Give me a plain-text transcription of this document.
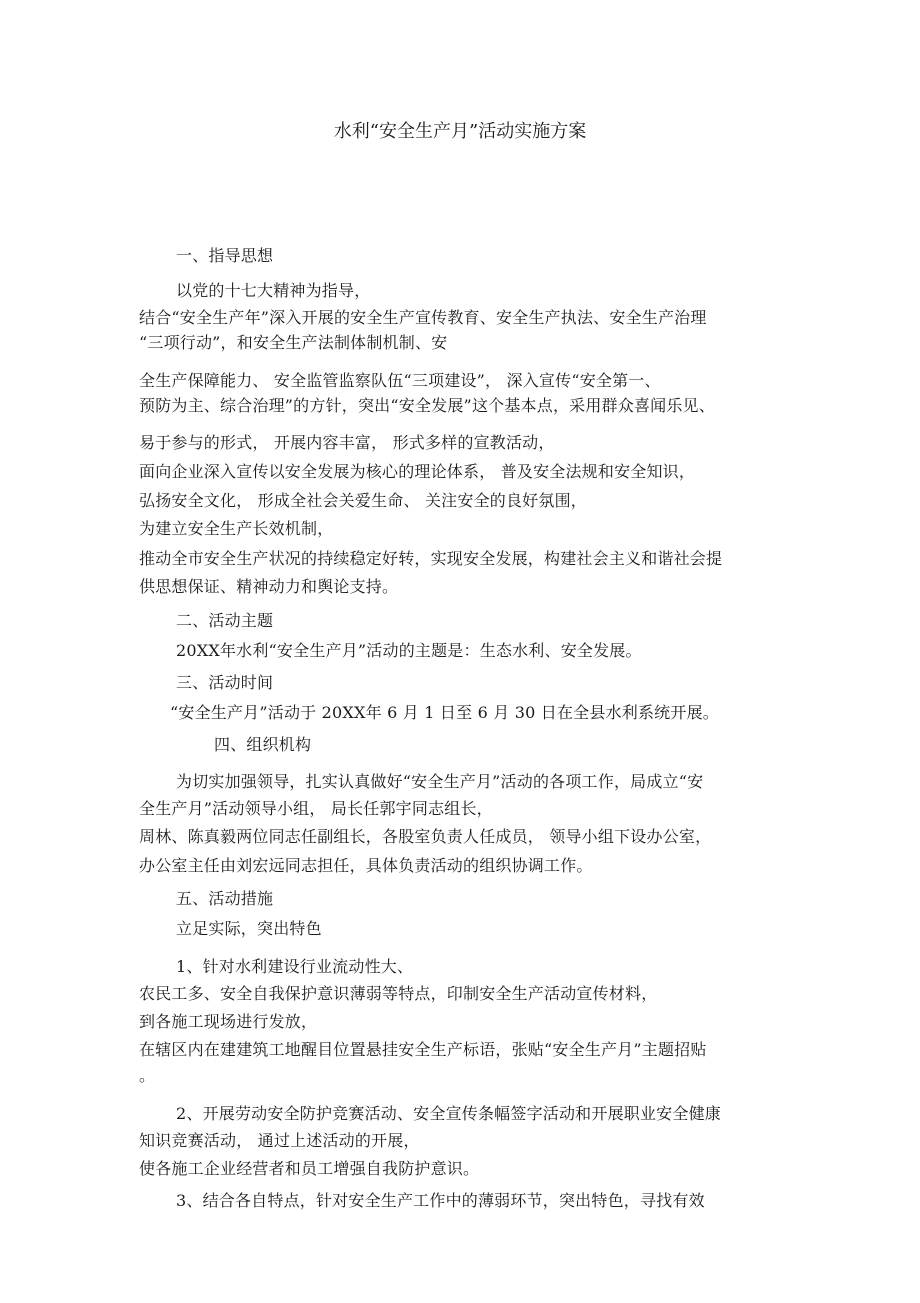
水利“安全生产月”活动实施方案
一、指导思想
以党的十七大精神为指导，
结合“安全生产年”深入开展的安全生产宣传教育、安全生产执法、安全生产治理
“三项行动”，和安全生产法制体制机制、安
全生产保障能力、 安全监管监察队伍“三项建设”， 深入宣传“安全第一、
预防为主、综合治理”的方针，突出“安全发展”这个基本点，采用群众喜闻乐见、
易于参与的形式， 开展内容丰富， 形式多样的宣教活动，
面向企业深入宣传以安全发展为核心的理论体系， 普及安全法规和安全知识，
弘扬安全文化， 形成全社会关爱生命、 关注安全的良好氛围，
为建立安全生产长效机制，
推动全市安全生产状况的持续稳定好转，实现安全发展，构建社会主义和谐社会提
供思想保证、精神动力和舆论支持。
二、活动主题
20XX年水利“安全生产月”活动的主题是：生态水利、安全发展。
三、活动时间
“安全生产月”活动于 20XX年 6 月 1 日至 6 月 30 日在全县水利系统开展。
四、组织机构
为切实加强领导，扎实认真做好“安全生产月”活动的各项工作，局成立“安
全生产月”活动领导小组， 局长任郭宇同志组长，
周林、陈真毅两位同志任副组长，各股室负责人任成员， 领导小组下设办公室，
办公室主任由刘宏远同志担任，具体负责活动的组织协调工作。
五、活动措施
立足实际，突出特色
1、针对水利建设行业流动性大、
农民工多、安全自我保护意识薄弱等特点，印制安全生产活动宣传材料，
到各施工现场进行发放，
在辖区内在建建筑工地醒目位置悬挂安全生产标语，张贴“安全生产月”主题招贴
。
2、开展劳动安全防护竞赛活动、安全宣传条幅签字活动和开展职业安全健康
知识竞赛活动， 通过上述活动的开展，
使各施工企业经营者和员工增强自我防护意识。
3、结合各自特点，针对安全生产工作中的薄弱环节，突出特色，寻找有效
